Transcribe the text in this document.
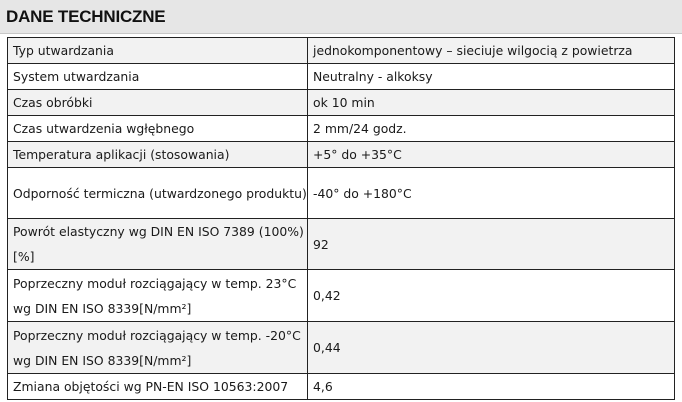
DANE TECHNICZNE
Typ utwardzania	jednokomponentowy – sieciuje wilgocią z powietrza
System utwardzania	Neutralny - alkoksy
Czas obróbki	ok 10 min
Czas utwardzenia wgłębnego	2 mm/24 godz.
Temperatura aplikacji (stosowania)	+5° do +35°C
Odporność termiczna (utwardzonego produktu)	-40° do +180°C
Powrót elastyczny wg DIN EN ISO 7389 (100%) [%]	92
Poprzeczny moduł rozciągający w temp. 23°C wg DIN EN ISO 8339[N/mm²]	0,42
Poprzeczny moduł rozciągający w temp. -20°C wg DIN EN ISO 8339[N/mm²]	0,44
Zmiana objętości wg PN-EN ISO 10563:2007	4,6
